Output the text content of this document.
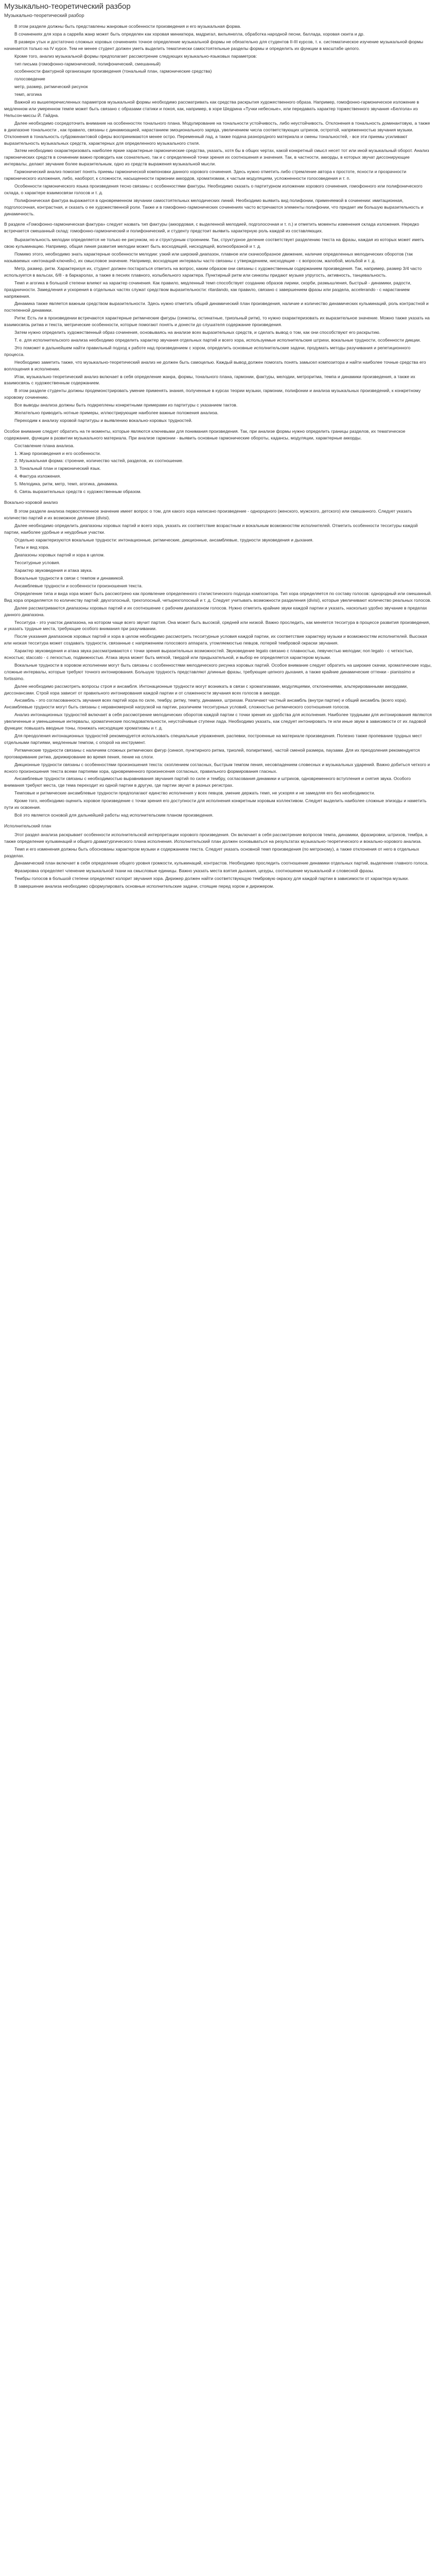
Музыкально-теоретический разбор
Музыкально-теоретический разбор

В этом разделе должны быть представлены жанровые особенности произведения и его музыкальная форма.

В сочинениях для хора а cappella жанр может быть определен как хоровая миниатюра, мадригал, вильянелла, обработка народной песни, баллада, хоровая сюита и др.

В разверн утых и достаточно сложных хоровых сочинениях точное определение музыкальной формы не обязательно для студентов II-III курсов, т. к. систематическое изучение музыкальной формы начинается только на IV курсе. Тем не менее студент должен уметь выделить тематически самостоятельные разделы формы и определить их функции в масштабе целого.

Кроме того, анализ музыкальной формы предполагает рассмотрение следующих музыкально-языковых параметров:

тип письма (гомофонно-гармонический, полифонический, смешанный)

особенности фактурной организации произведения (тональный план, гармонические средства)

голосоведение

метр, размер, ритмический рисунок

темп, агогика

Важной из вышеперечисленных параметров музыкальной формы необходимо рассматривать как средства раскрытия художественного образа. Например, гомофонно-гармоническое изложение в медленном или умеренном темпе может быть связано с образами статики и покоя, как, например, в хоре Шедрина «Тучки небесные», или передавать характер торжественного звучания «Белгола» из Нельсон-миссы Й. Гайдна.

Далее необходимо сосредоточить внимание на особенностях тонального плана. Модулирование на тональности устойчивость, либо неустойчивость. Отклонения в тональность доминантовую, а также в диапазоне тональности , как правило, связаны с динамизацией, нарастанием эмоционального заряда, увеличением числа соответствующих штрихов, остротой, напряженностью звучания музыки. Отклонения в тональность субдоминантовой сферы воспринимаются менее остро. Переменный лад, а также подача разнородного материала и смены тональностей, - все эти приемы усиливают выразительность музыкальных средств, характерных для определенного музыкального стиля.

Затем необходимо охарактеризовать наиболее яркие характерные гармонические средства, указать, хотя бы в общих чертах, какой конкретный смысл несет тот или иной музыкальный оборот. Анализ гармонических средств в сочинении важно проводить как сознательно, так и с определенной точки зрения их соотношения и значения. Так, в частности, аккорды, в которых звучат диссонирующие интервалы, делают звучание более выразительным, одно из средств выражения музыкальной мысли.

Гармонический анализ помогает понять приемы гармонической компоновки данного хорового сочинения. Здесь нужно отметить либо стремление автора к простоте, ясности и прозрачности гармонического изложения, либо, наоборот, к сложности, насыщенности гармонии аккордов, хроматизмам, к частым модуляциям, усложненности голосоведения и т. п.

Особенности гармонического языка произведения тесно связаны с особенностями фактуры. Необходимо сказать о партитурном изложении хорового сочинения, гомофонного или полифонического склада, о характере взаимосвязи голосов и т. д.

Полифоническая фактура выражается в одновременном звучании самостоятельных мелодических линий. Необходимо выявить вид полифонии, применяемой в сочинении: имитационная, подголосочная, контрастная, и сказать о ее художественной роли. Также и в гомофонно-гармонических сочинениях часто встречаются элементы полифонии, что придает им большую выразительность и динамичность.

В разделе «Гомофонно-гармоническая фактура» следует назвать тип фактуры (аккордовая, с выделенной мелодией, подголосочная и т. п.) и отметить моменты изменения склада изложения. Нередко встречается смешанный склад: гомофонно-гармонический и полифонический, и студенту предстоит выявить характерную роль каждой из составляющих.

Выразительность мелодии определяется не только ее рисунком, но и структурным строением. Так, структурное деление соответствует разделению текста на фразы, каждая из которых может иметь свою кульминацию. Например, общая линия развития мелодии может быть восходящей, нисходящей, волнообразной и т. д.

Помимо этого, необходимо знать характерные особенности мелодии: узкий или широкий диапазон, плавное или скачкообразное движение, наличие определенных мелодических оборотов (так называемых «интонаций-ключей»), их смысловое значение. Например, восходящие интервалы часто связаны с утверждением, нисходящие - с вопросом, жалобой, мольбой и т. д.

Метр, размер, ритм. Характеризуя их, студент должен постараться ответить на вопрос, каким образом они связаны с художественным содержанием произведения. Так, например, размер 3/4 часто используется в вальсах, 6/8 - в баркаролах, а также в песнях плавного, колыбельного характера. Пунктирный ритм или синкопы придают музыке упругость, активность, танцевальность.

Темп и агогика в большой степени влияют на характер сочинения. Как правило, медленный темп способствует созданию образов лирики, скорби, размышления, быстрый - динамики, радости, праздничности. Замедления и ускорения в отдельных частях служат средством выразительности: ritardando, как правило, связано с завершением фразы или раздела, accelerando - с нарастанием напряжения.

Динамика также является важным средством выразительности. Здесь нужно отметить общий динамический план произведения, наличие и количество динамических кульминаций, роль контрастной и постепенной динамики.

Ритм: Есть ли в произведении встречаются характерные ритмические фигуры (синкопы, остинатные, триольный ритм), то нужно охарактеризовать их выразительное значение. Можно также указать на взаимосвязь ритма и текста, метрические особенности, которые помогают понять и донести до слушателя содержание произведения.

Затем нужно определить художественный образ сочинения, основываясь на анализе всех выразительных средств, и сделать вывод о том, как они способствуют его раскрытию.

Т. е. для исполнительского анализа необходимо определить характер звучания отдельных партий и всего хора, используемые исполнительские штрихи, вокальные трудности, особенности дикции.

Это поможет в дальнейшем найти правильный подход к работе над произведением с хором, определить основные исполнительские задачи, продумать методы разучивания и репетиционного процесса.

Необходимо заметить также, что музыкально-теоретический анализ не должен быть самоцелью. Каждый вывод должен помогать понять замысел композитора и найти наиболее точные средства его воплощения в исполнении.

Итак, музыкально-теоретический анализ включает в себя определение жанра, формы, тонального плана, гармонии, фактуры, мелодии, метроритма, темпа и динамики произведения, а также их взаимосвязь с художественным содержанием.

В этом разделе студенты должны продемонстрировать умение применять знания, полученные в курсах теории музыки, гармонии, полифонии и анализа музыкальных произведений, к конкретному хоровому сочинению.

Все выводы анализа должны быть подкреплены конкретными примерами из партитуры с указанием тактов.

Желательно приводить нотные примеры, иллюстрирующие наиболее важные положения анализа.

Переходим к анализу хоровой партитуры и выявлению вокально-хоровых трудностей.

Особое внимание следует обратить на те моменты, которые являются ключевыми для понимания произведения. Так, при анализе формы нужно определить границы разделов, их тематическое содержание, функции в развитии музыкального материала. При анализе гармонии - выявить основные гармонические обороты, кадансы, модуляции, характерные аккорды.

Составление плана анализа.

1. Жанр произведения и его особенности.

2. Музыкальная форма: строение, количество частей, разделов, их соотношение.

3. Тональный план и гармонический язык.

4. Фактура изложения.

5. Мелодика, ритм, метр, темп, агогика, динамика.

6. Связь выразительных средств с художественным образом.

Вокально-хоровой анализ

В этом разделе анализа первостепенное значение имеет вопрос о том, для какого хора написано произведение - однородного (женского, мужского, детского) или смешанного. Следует указать количество партий и их возможное деление (divisi).

Далее необходимо определить диапазоны хоровых партий и всего хора, указать их соответствие возрастным и вокальным возможностям исполнителей. Отметить особенности тесситуры каждой партии, наиболее удобные и неудобные участки.

Отдельно характеризуются вокальные трудности: интонационные, ритмические, дикционные, ансамблевые, трудности звуковедения и дыхания.

Типы и вид хора.

Диапазоны хоровых партий и хора в целом.

Тесситурные условия.

Характер звуковедения и атака звука.

Вокальные трудности в связи с темпом и динамикой.

Ансамблевые трудности и особенности произношения текста.

Определение типа и вида хора может быть рассмотрено как проявление определенного стилистического подхода композитора. Тип хора определяется по составу голосов: однородный или смешанный. Вид хора определяется по количеству партий: двухголосный, трехголосный, четырехголосный и т. д. Следует учитывать возможности разделения (divisi), которые увеличивают количество реальных голосов.

Далее рассматриваются диапазоны хоровых партий и их соотношение с рабочим диапазоном голосов. Нужно отметить крайние звуки каждой партии и указать, насколько удобно звучание в пределах данного диапазона.

Тесситура - это участок диапазона, на котором чаще всего звучит партия. Она может быть высокой, средней или низкой. Важно проследить, как меняется тесситура в процессе развития произведения, и указать трудные места, требующие особого внимания при разучивании.

После указания диапазонов хоровых партий и хора в целом необходимо рассмотреть тесситурные условия каждой партии, их соответствие характеру музыки и возможностям исполнителей. Высокая или низкая тесситура может создавать трудности, связанные с напряжением голосового аппарата, утомляемостью певцов, потерей тембровой окраски звучания.

Характер звуковедения и атака звука рассматриваются с точки зрения выразительных возможностей. Звуковедение legato связано с плавностью, певучестью мелодии; non legato - с четкостью, ясностью; staccato - с легкостью, подвижностью. Атака звука может быть мягкой, твердой или придыхательной, и выбор ее определяется характером музыки.

Вокальные трудности в хоровом исполнении могут быть связаны с особенностями мелодического рисунка хоровых партий. Особое внимание следует обратить на широкие скачки, хроматические ходы, сложные интервалы, которые требуют точного интонирования. Большую трудность представляют длинные фразы, требующие цепного дыхания, а также крайние динамические оттенки - pianissimo и fortissimo.

Далее необходимо рассмотреть вопросы строя и ансамбля. Интонационные трудности могут возникать в связи с хроматизмами, модуляциями, отклонениями, альтерированными аккордами, диссонансами. Строй хора зависит от правильного интонирования каждой партии и от слаженности звучания всех голосов в аккорде.

Ансамбль - это согласованность звучания всех партий хора по силе, тембру, ритму, темпу, динамике, штрихам. Различают частный ансамбль (внутри партии) и общий ансамбль (всего хора). Ансамблевые трудности могут быть связаны с неравномерной нагрузкой на партии, различием тесситурных условий, сложностью ритмического соотношения голосов.

Анализ интонационных трудностей включает в себя рассмотрение мелодических оборотов каждой партии с точки зрения их удобства для исполнения. Наиболее трудными для интонирования являются увеличенные и уменьшенные интервалы, хроматические последовательности, неустойчивые ступени лада. Необходимо указать, как следует интонировать те или иные звуки в зависимости от их ладовой функции: повышать вводные тоны, понижать нисходящие хроматизмы и т. д.

Для преодоления интонационных трудностей рекомендуется использовать специальные упражнения, распевки, построенные на материале произведения. Полезно также пропевание трудных мест отдельными партиями, медленным темпом, с опорой на инструмент.

Ритмические трудности связаны с наличием сложных ритмических фигур (синкоп, пунктирного ритма, триолей, полиритмии), частой сменой размера, паузами. Для их преодоления рекомендуется проговаривание ритма, дирижирование во время пения, пение на слоги.

Дикционные трудности связаны с особенностями произношения текста: скоплением согласных, быстрым темпом пения, несовпадением словесных и музыкальных ударений. Важно добиться четкого и ясного произношения текста всеми партиями хора, одновременного произнесения согласных, правильного формирования гласных.

Ансамблевые трудности связаны с необходимостью выравнивания звучания партий по силе и тембру, согласования динамики и штрихов, одновременного вступления и снятия звука. Особого внимания требуют места, где тема переходит из одной партии в другую, где партии звучат в разных регистрах.

Темповые и ритмические ансамблевые трудности предполагают единство исполнения у всех певцов, умение держать темп, не ускоряя и не замедляя его без необходимости.

Кроме того, необходимо оценить хоровое произведение с точки зрения его доступности для исполнения конкретным хоровым коллективом. Следует выделить наиболее сложные эпизоды и наметить пути их освоения.

Всё это является основой для дальнейшей работы над исполнительским планом произведения.

Исполнительский план

Этот раздел анализа раскрывает особенности исполнительской интерпретации хорового произведения. Он включает в себя рассмотрение вопросов темпа, динамики, фразировки, штрихов, тембра, а также определение кульминаций и общего драматургического плана исполнения. Исполнительский план должен основываться на результатах музыкально-теоретического и вокально-хорового анализа.

Темп и его изменения должны быть обоснованы характером музыки и содержанием текста. Следует указать основной темп произведения (по метроному), а также отклонения от него в отдельных разделах.

Динамический план включает в себя определение общего уровня громкости, кульминаций, контрастов. Необходимо проследить соотношение динамики отдельных партий, выделение главного голоса.

Фразировка определяет членение музыкальной ткани на смысловые единицы. Важно указать места взятия дыхания, цезуры, соотношение музыкальной и словесной фразы.

Тембры голосов в большой степени определяют колорит звучания хора. Дирижер должен найти соответствующую тембровую окраску для каждой партии в зависимости от характера музыки.

В завершение анализа необходимо сформулировать основные исполнительские задачи, стоящие перед хором и дирижером.
